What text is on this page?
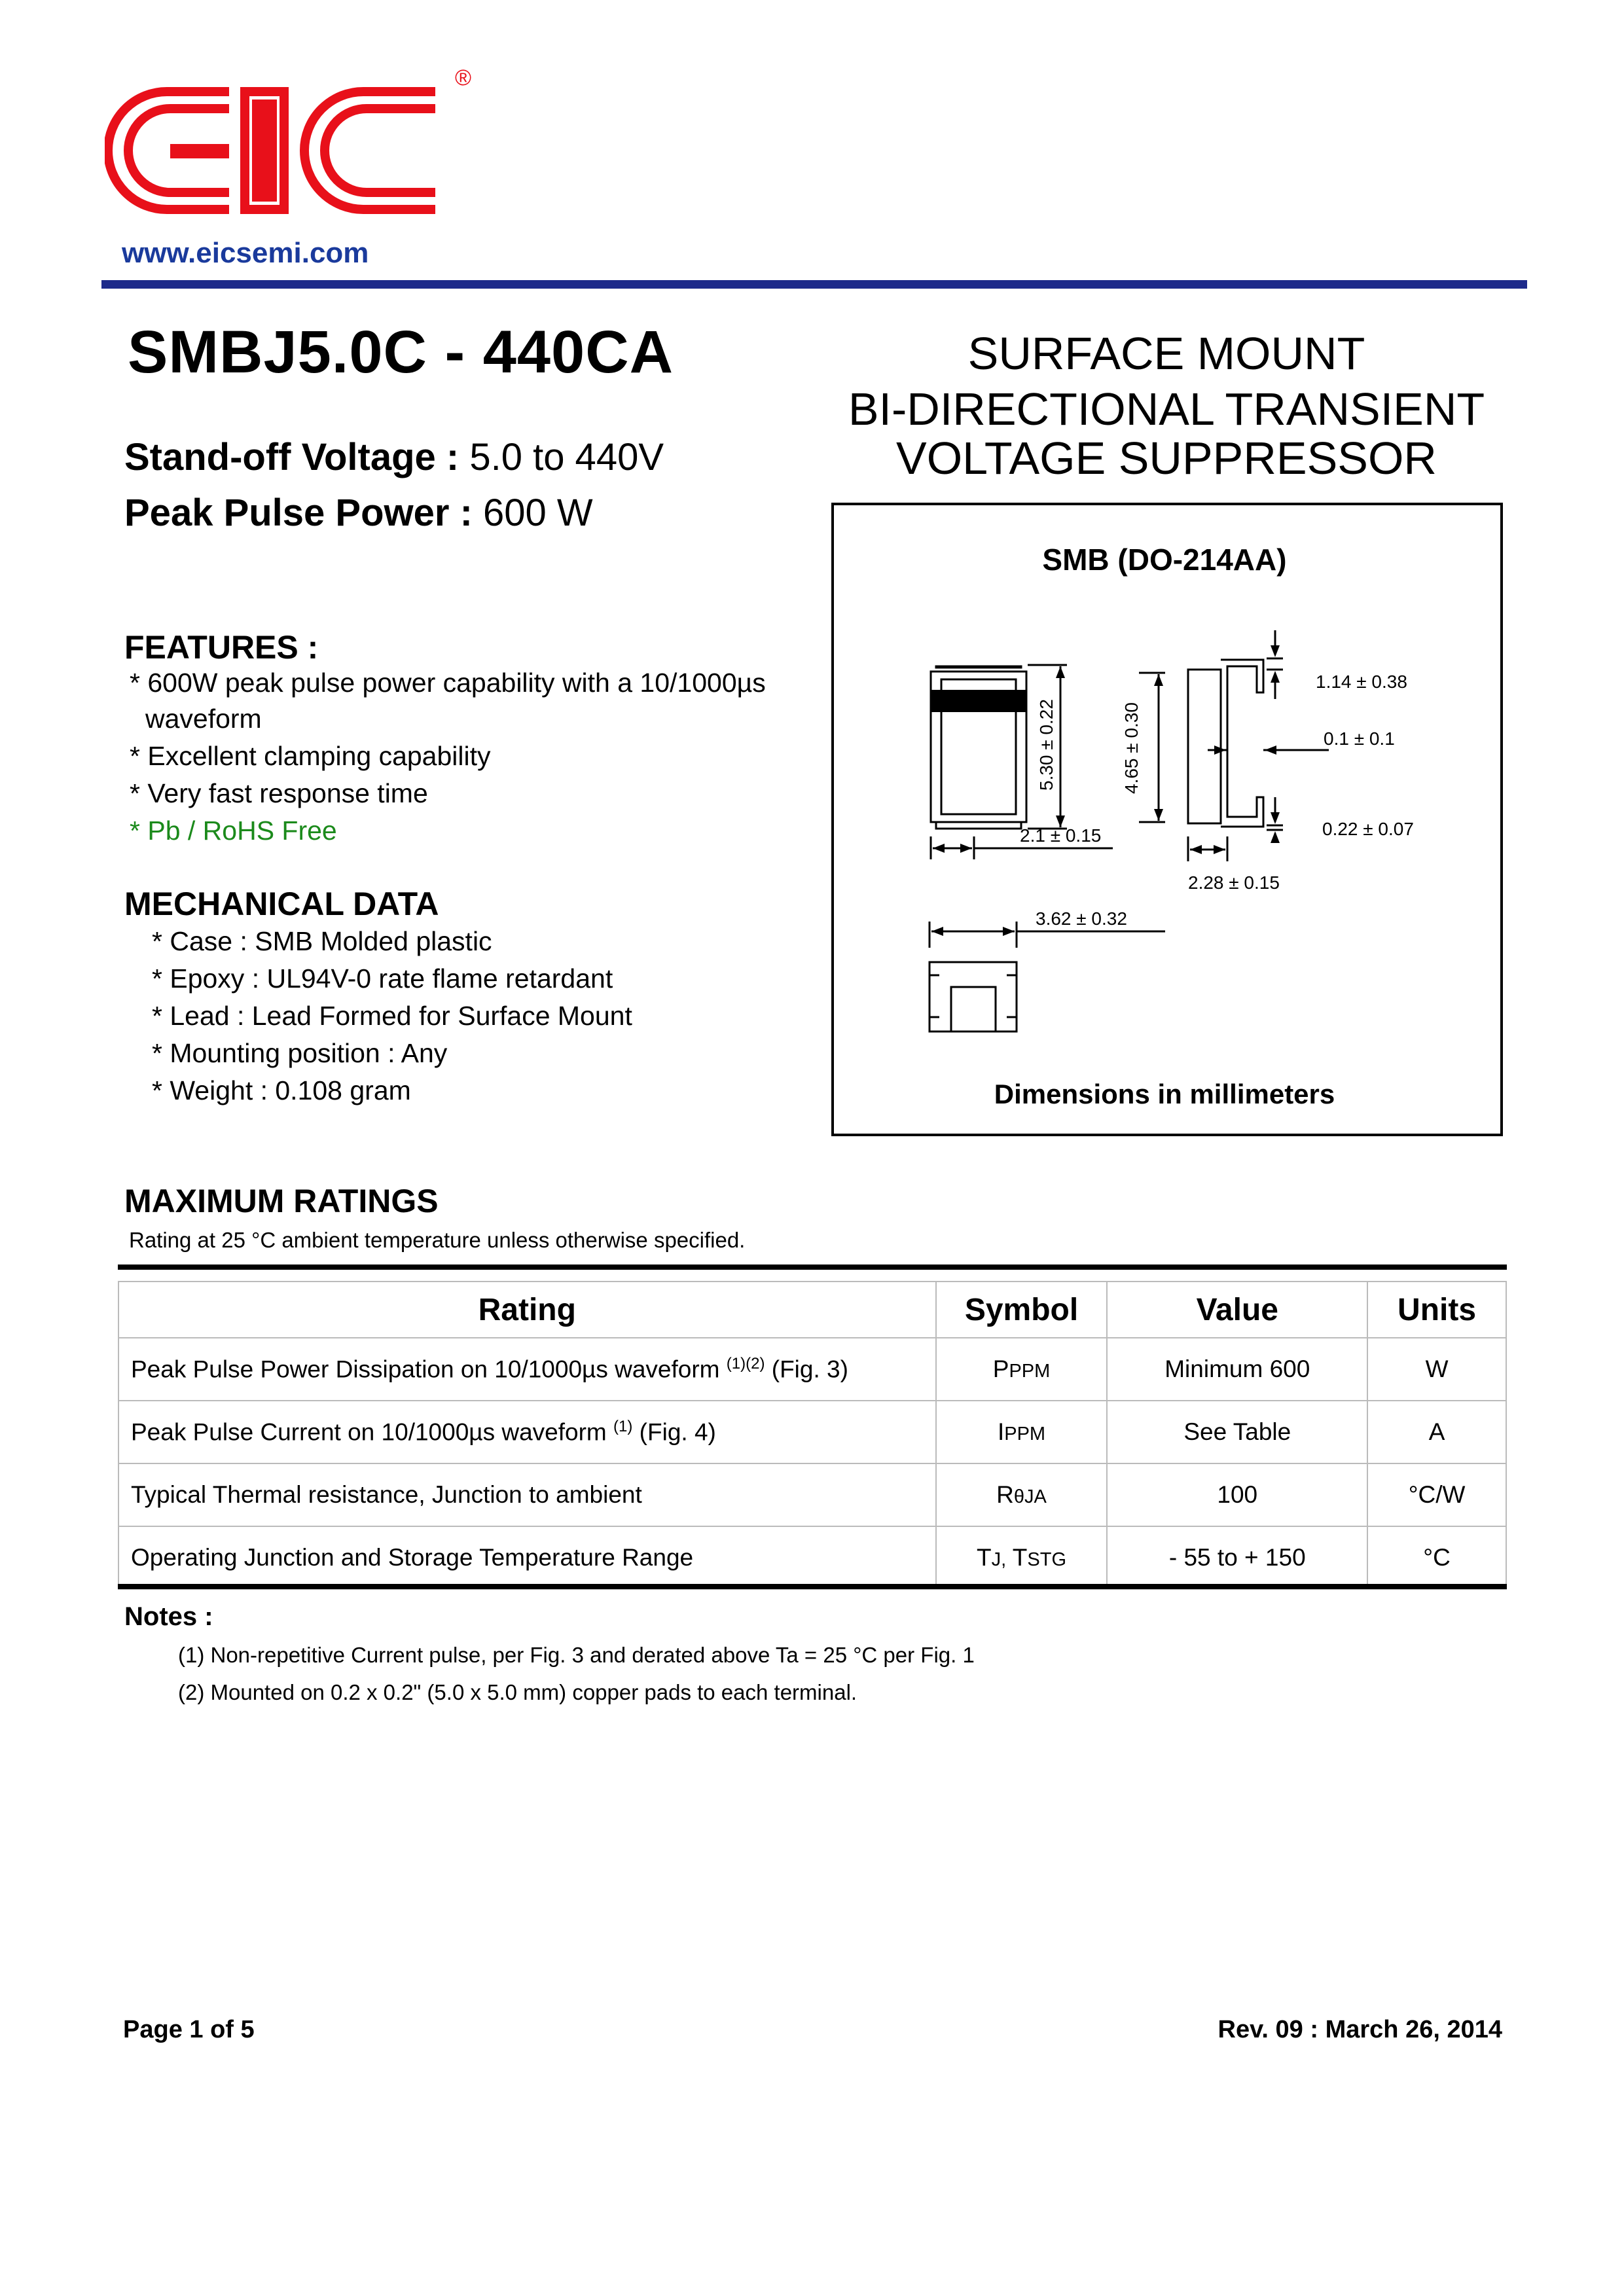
®
www.eicsemi.com
SMBJ5.0C - 440CA
Stand-off Voltage : 5.0 to 440V
Peak Pulse Power : 600 W
SURFACE MOUNT
BI-DIRECTIONAL TRANSIENT
VOLTAGE SUPPRESSOR
5.30 ± 0.22	4.65 ± 0.30
2.1 ± 0.15
2.28 ± 0.15
3.62 ± 0.32
1.14 ± 0.38
0.1 ± 0.1
0.22 ± 0.07
SMB (DO-214AA)
Dimensions in millimeters
FEATURES :
* 600W peak pulse power capability with a 10/1000µs
waveform
* Excellent clamping capability
* Very fast response time
* Pb / RoHS Free
MECHANICAL DATA
* Case : SMB Molded plastic
* Epoxy : UL94V-0 rate flame retardant
* Lead : Lead Formed for Surface Mount
* Mounting position : Any
* Weight : 0.108 gram
MAXIMUM RATINGS
Rating at 25 °C ambient temperature unless otherwise specified.
Rating	Symbol	Value	Units
Peak Pulse Power Dissipation on 10/1000µs waveform $^{(1)(2)}$ (Fig. 3)	PPPM	Minimum 600	W
Peak Pulse Current on 10/1000µs waveform $^{(1)}$ (Fig. 4)	IPPM	See Table	A
Typical Thermal resistance, Junction to ambient	RθJA	100	°C/W
Operating Junction and Storage Temperature Range	TJ, TSTG	- 55 to + 150	°C
Notes :
(1) Non-repetitive Current pulse, per Fig. 3 and derated above Ta = 25 °C per Fig. 1
(2) Mounted on 0.2 x 0.2" (5.0 x 5.0 mm) copper pads to each terminal.
Page 1 of 5	Rev. 09 : March 26, 2014
